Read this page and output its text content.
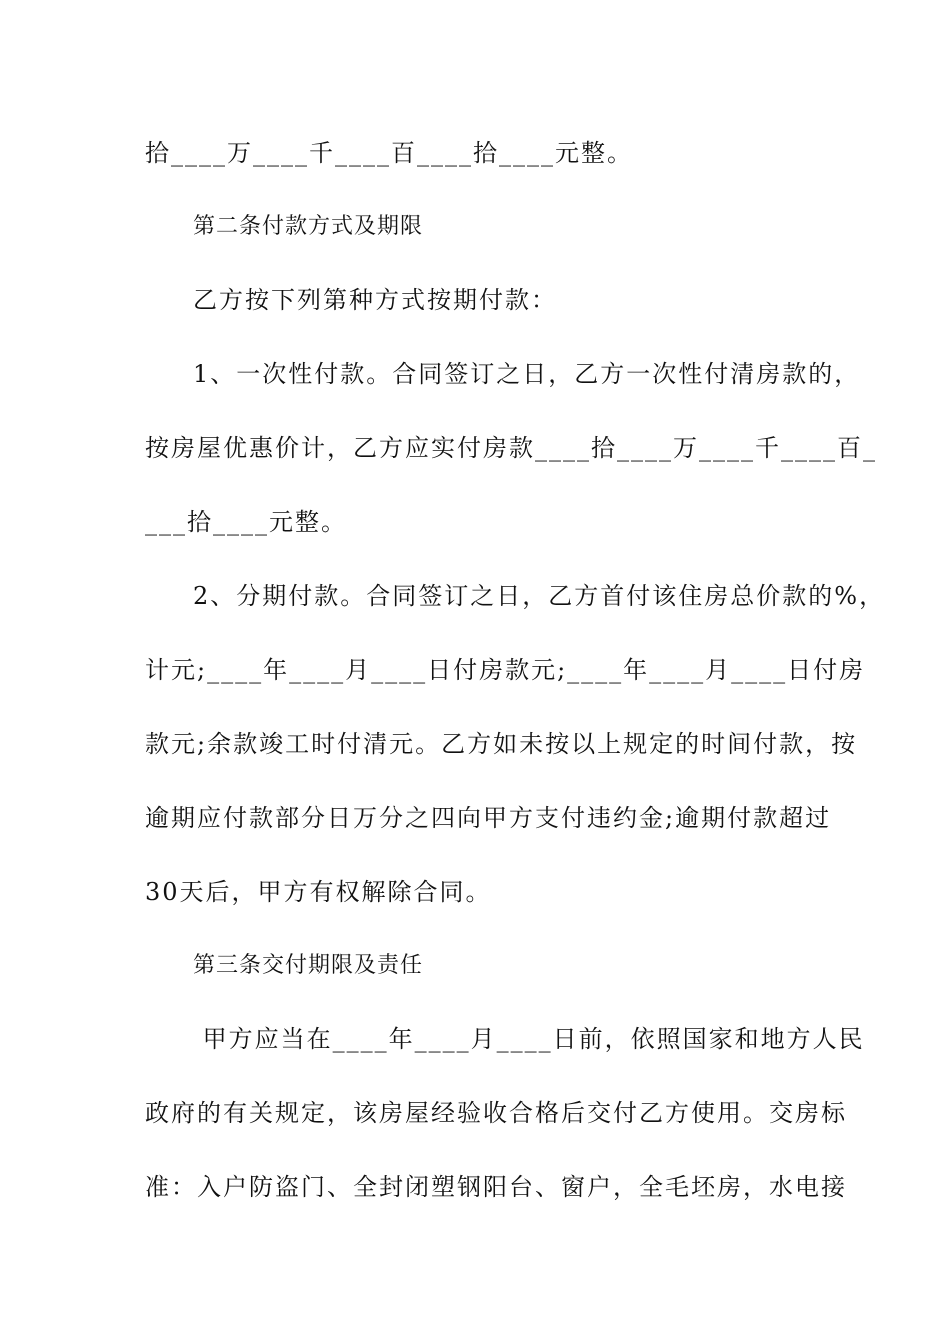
拾____万____千____百____拾____元整。
第二条付款方式及期限
乙方按下列第种方式按期付款：
1、一次性付款。合同签订之日，乙方一次性付清房款的，
按房屋优惠价计，乙方应实付房款____拾____万____千____百_
___拾____元整。
2、分期付款。合同签订之日，乙方首付该住房总价款的%，
计元;____年____月____日付房款元;____年____月____日付房
款元;余款竣工时付清元。乙方如未按以上规定的时间付款，按
逾期应付款部分日万分之四向甲方支付违约金;逾期付款超过
30天后，甲方有权解除合同。
第三条交付期限及责任
甲方应当在____年____月____日前，依照国家和地方人民
政府的有关规定，该房屋经验收合格后交付乙方使用。交房标
准：入户防盗门、全封闭塑钢阳台、窗户，全毛坯房，水电接
